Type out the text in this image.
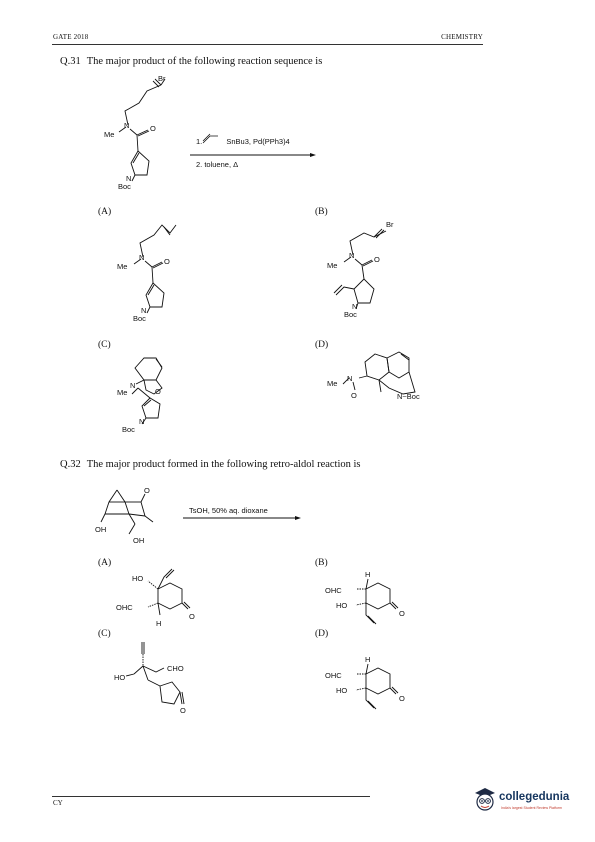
GATE 2018	CHEMISTRY
Q.31 The major product of the following reaction sequence is
Br
N
Me
O
N
Boc
1.	SnBu3, Pd(PPh3)4
2. toluene, Δ
(A)	(B)
(C)	(D)
N
Me
O
N
Boc
Br
N
Me
O
N
Boc
N
O
Me
N
Boc
N
Me
O	N~Boc
Q.32 The major product formed in the following retro-aldol reaction is
O
OH
OH
TsOH, 50% aq. dioxane
(A)	(B)
(C)	(D)
HO
OHC
H
O
H
OHC
HO
O
CHO
HO
O
H
OHC
HO
O
CY	collegedunia
India's largest Student Review Platform
